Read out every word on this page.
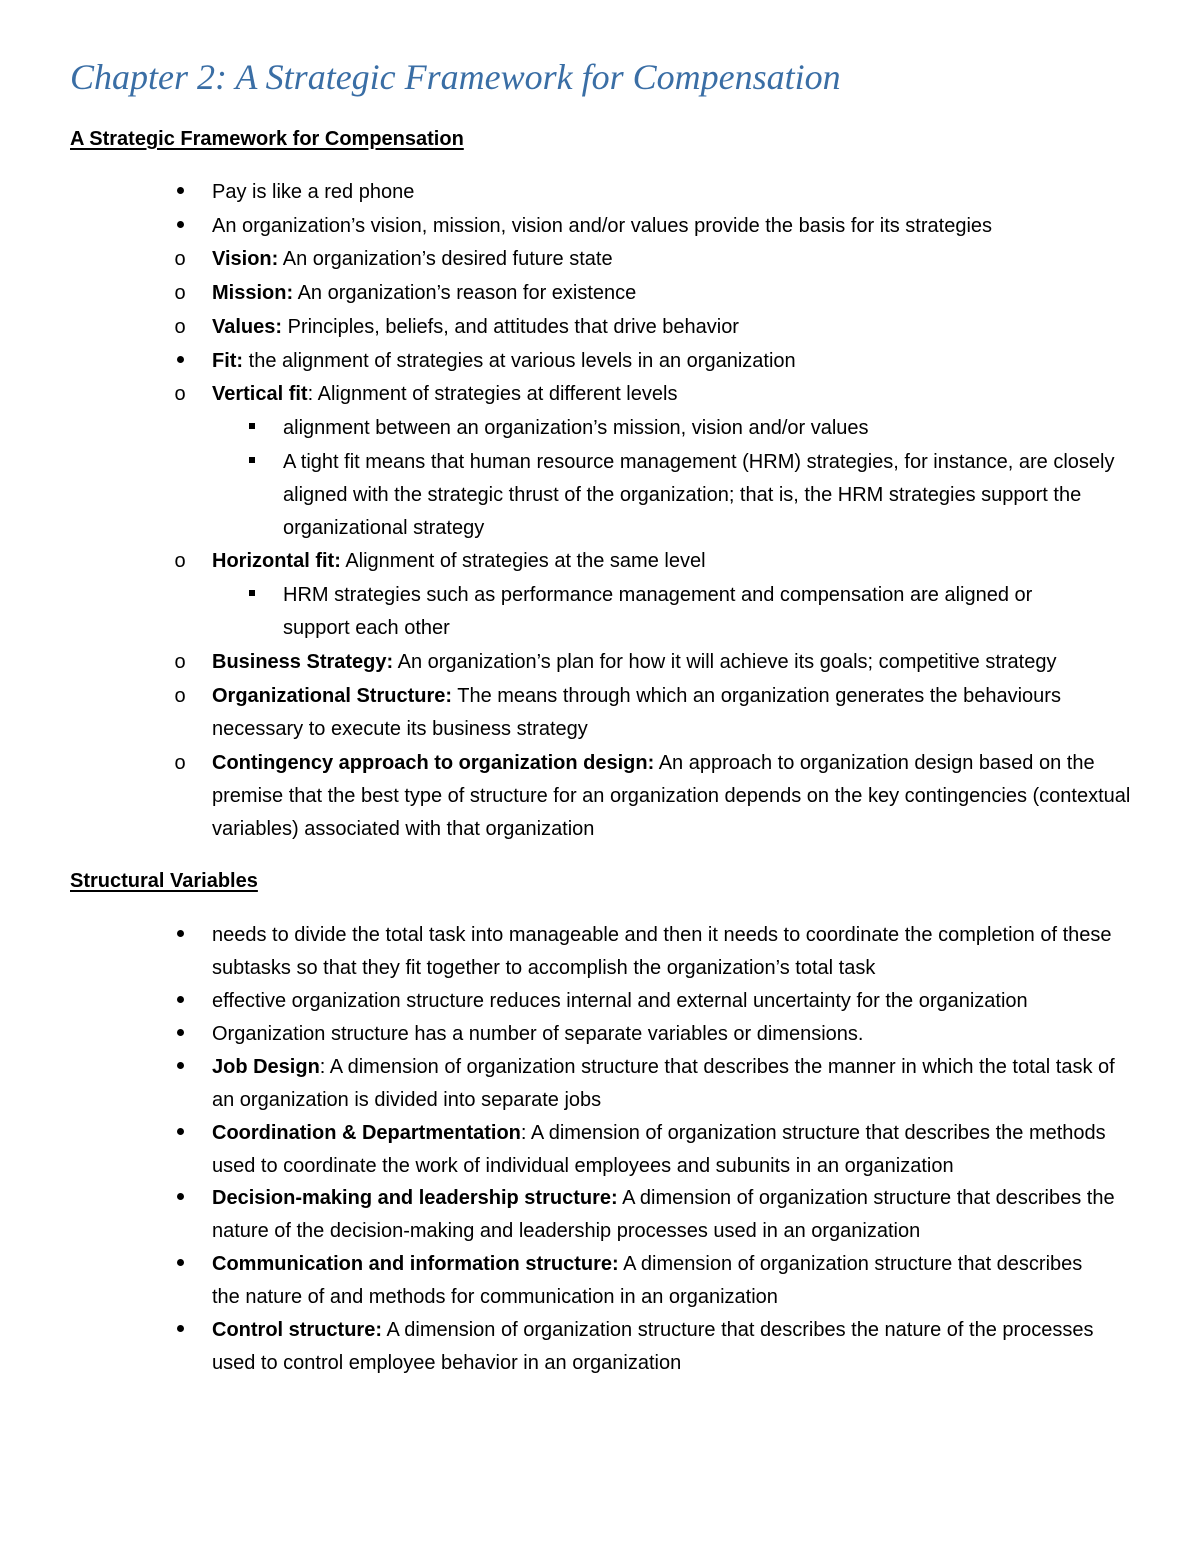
Chapter 2: A Strategic Framework for Compensation
A Strategic Framework for Compensation
Pay is like a red phone
An organization’s vision, mission, vision and/or values provide the basis for its strategies
o Vision: An organization’s desired future state
o Mission: An organization’s reason for existence
o Values: Principles, beliefs, and attitudes that drive behavior
Fit: the alignment of strategies at various levels in an organization
o Vertical fit: Alignment of strategies at different levels
alignment between an organization’s mission, vision and/or values
A tight fit means that human resource management (HRM) strategies, for instance, are closely aligned with the strategic thrust of the organization; that is, the HRM strategies support the organizational strategy
o Horizontal fit: Alignment of strategies at the same level
HRM strategies such as performance management and compensation are aligned or support each other
o Business Strategy: An organization’s plan for how it will achieve its goals; competitive strategy
o Organizational Structure: The means through which an organization generates the behaviours necessary to execute its business strategy
o Contingency approach to organization design: An approach to organization design based on the premise that the best type of structure for an organization depends on the key contingencies (contextual variables) associated with that organization
Structural Variables
needs to divide the total task into manageable and then it needs to coordinate the completion of these subtasks so that they fit together to accomplish the organization’s total task
effective organization structure reduces internal and external uncertainty for the organization
Organization structure has a number of separate variables or dimensions.
Job Design: A dimension of organization structure that describes the manner in which the total task of an organization is divided into separate jobs
Coordination & Departmentation: A dimension of organization structure that describes the methods used to coordinate the work of individual employees and subunits in an organization
Decision-making and leadership structure: A dimension of organization structure that describes the nature of the decision-making and leadership processes used in an organization
Communication and information structure: A dimension of organization structure that describes the nature of and methods for communication in an organization
Control structure: A dimension of organization structure that describes the nature of the processes used to control employee behavior in an organization
